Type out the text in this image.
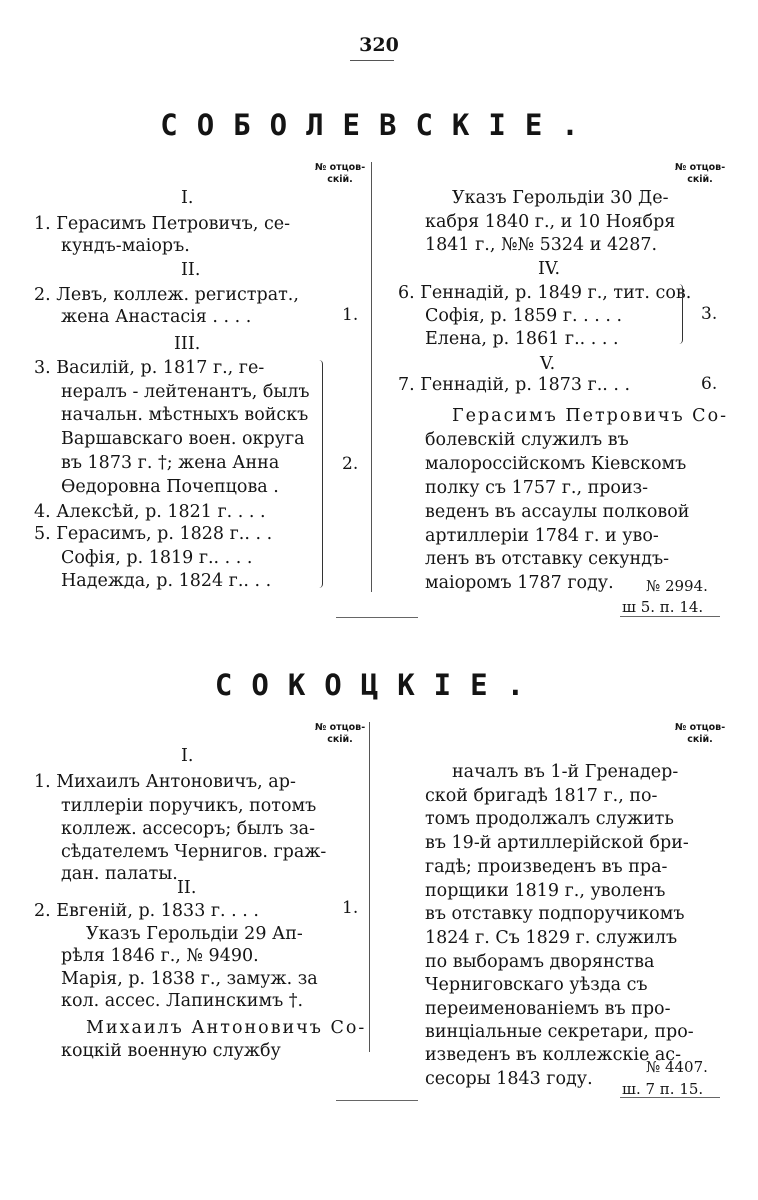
320
СОБОЛЕВСКІЕ.
№ отцов-скій.
№ отцов-скій.
I.
1. Герасимъ Петровичъ, се-
кундъ-маіоръ.
II.
2. Левъ, коллеж. регистрат.,
жена Анастасія . . . .
III.
3. Василій, р. 1817 г., ге-
нералъ - лейтенантъ, былъ
начальн. мѣстныхъ войскъ
Варшавскаго воен. округа
въ 1873 г. †; жена Анна
Ѳедоровна Почепцова .
4. Алексѣй, р. 1821 г. . . .
5. Герасимъ, р. 1828 г.. . .
Софія, р. 1819 г.. . . .
Надежда, р. 1824 г.. . .
1.
2.
Указъ Герольдіи 30 Де-
кабря 1840 г., и 10 Ноября
1841 г., №№ 5324 и 4287.
IV.
6. Геннадій, р. 1849 г., тит. сов.
Софія, р. 1859 г. . . . .
Елена, р. 1861 г.. . . .
V.
7. Геннадій, р. 1873 г.. . .
Герасимъ Петровичъ Со-
болевскій служилъ въ
малороссійскомъ Кіевскомъ
полку съ 1757 г., произ-
веденъ въ ассаулы полковой
артиллеріи 1784 г. и уво-
ленъ въ отставку секундъ-
маіоромъ 1787 году.
3.
6.
№ 2994.
ш 5. п. 14.
СОКОЦКІЕ.
№ отцов-скій.
№ отцов-скій.
I.
1. Михаилъ Антоновичъ, ар-
тиллеріи поручикъ, потомъ
коллеж. ассесоръ; былъ за-
сѣдателемъ Чернигов. граж-
дан. палаты.
II.
2. Евгеній, р. 1833 г. . . .
Указъ Герольдіи 29 Ап-
рѣля 1846 г., № 9490.
Марія, р. 1838 г., замуж. за
кол. ассес. Лапинскимъ †.
Михаилъ Антоновичъ Со-
коцкій военную службу
1.
началъ въ 1-й Гренадер-
ской бригадѣ 1817 г., по-
томъ продолжалъ служить
въ 19-й артиллерійской бри-
гадѣ; произведенъ въ пра-
порщики 1819 г., уволенъ
въ отставку подпоручикомъ
1824 г. Съ 1829 г. служилъ
по выборамъ дворянства
Черниговскаго уѣзда съ
переименованіемъ въ про-
винціальные секретари, про-
изведенъ въ коллежскіе ас-
сесоры 1843 году.
№ 4407.
ш. 7 п. 15.
